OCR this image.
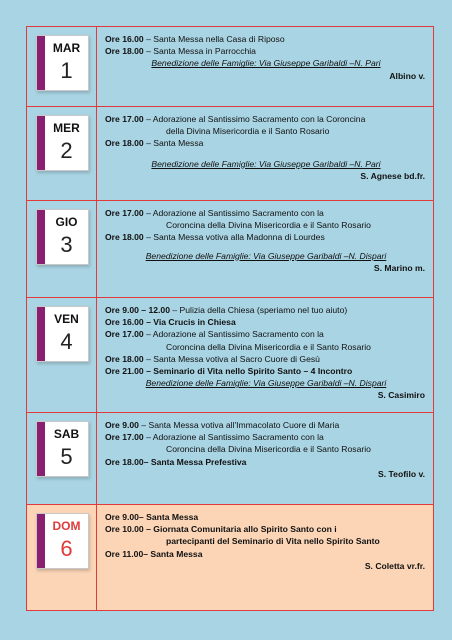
MAR
1
Ore 16.00 – Santa Messa nella Casa di Riposo
Ore 18.00 – Santa Messa in Parrocchia
Benedizione delle Famiglie: Via Giuseppe Garibaldi –N. Pari
Albino v.
MER
2
Ore 17.00 – Adorazione al Santissimo Sacramento con la Coroncina
della Divina Misericordia e il Santo Rosario
Ore 18.00 – Santa Messa
Benedizione delle Famiglie: Via Giuseppe Garibaldi –N. Pari
S. Agnese bd.fr.
GIO
3
Ore 17.00 – Adorazione al Santissimo Sacramento con la
Coroncina della Divina Misericordia e il Santo Rosario
Ore 18.00 – Santa Messa votiva alla Madonna di Lourdes
Benedizione delle Famiglie: Via Giuseppe Garibaldi –N. Dispari
S. Marino m.
VEN
4
Ore 9.00 – 12.00 – Pulizia della Chiesa (speriamo nel tuo aiuto)
Ore 16.00 – Via Crucis in Chiesa
Ore 17.00 – Adorazione al Santissimo Sacramento con la
Coroncina della Divina Misericordia e il Santo Rosario
Ore 18.00 – Santa Messa votiva al Sacro Cuore di Gesù
Ore 21.00 – Seminario di Vita nello Spirito Santo – 4 Incontro
Benedizione delle Famiglie: Via Giuseppe Garibaldi –N. Dispari
S. Casimiro
SAB
5
Ore 9.00 – Santa Messa votiva all'Immacolato Cuore di Maria
Ore 17.00 – Adorazione al Santissimo Sacramento con la
Coroncina della Divina Misericordia e il Santo Rosario
Ore 18.00– Santa Messa Prefestiva
S. Teofilo v.
DOM
6
Ore 9.00– Santa Messa
Ore 10.00 – Giornata Comunitaria allo Spirito Santo con i
partecipanti del Seminario di Vita nello Spirito Santo
Ore 11.00– Santa Messa
S. Coletta vr.fr.
